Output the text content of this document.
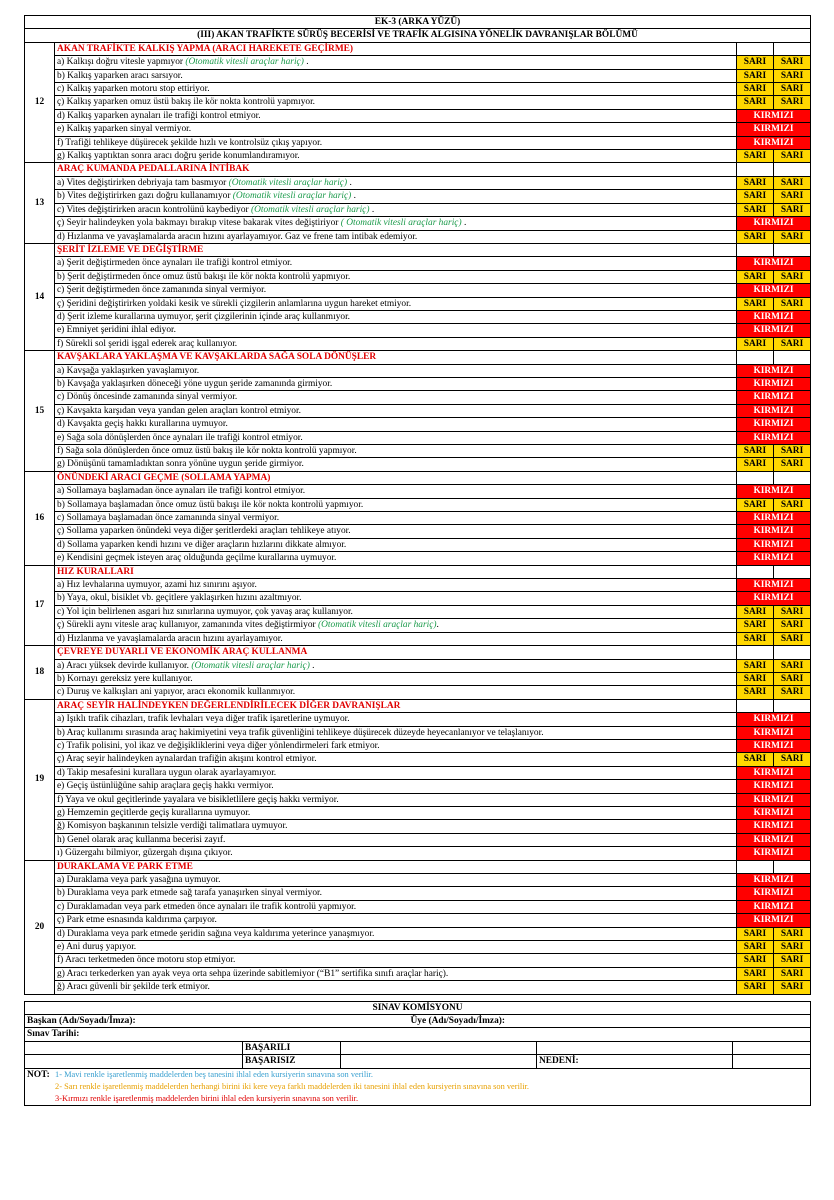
EK-3 (ARKA YÜZÜ)			
(III) AKAN TRAFİKTE SÜRÜŞ BECERİSİ VE TRAFİK ALGISINA YÖNELİK DAVRANIŞLAR BÖLÜMÜ			
12	AKAN TRAFİKTE KALKIŞ YAPMA (ARACI HAREKETE GEÇİRME)		
	a) Kalkışı doğru vitesle yapmıyor (Otomatik vitesli araçlar hariç) .	SARI	SARI
	b) Kalkış yaparken aracı sarsıyor.	SARI	SARI
	c) Kalkış yaparken motoru stop ettiriyor.	SARI	SARI
	ç) Kalkış yaparken omuz üstü bakış ile kör nokta kontrolü yapmıyor.	SARI	SARI
	d) Kalkış yaparken aynaları ile trafiği kontrol etmiyor.	KIRMIZI	
	e) Kalkış yaparken sinyal vermiyor.	KIRMIZI	
	f) Trafiği tehlikeye düşürecek şekilde hızlı ve kontrolsüz çıkış yapıyor.	KIRMIZI	
	g) Kalkış yaptıktan sonra aracı doğru şeride konumlandıramıyor.	SARI	SARI
13	ARAÇ KUMANDA PEDALLARINA İNTİBAK		
	a) Vites değiştirirken debriyaja tam basmıyor (Otomatik vitesli araçlar hariç) .	SARI	SARI
	b) Vites değiştirirken gazı doğru kullanamıyor (Otomatik vitesli araçlar hariç) .	SARI	SARI
	c) Vites değiştirirken aracın kontrolünü kaybediyor (Otomatik vitesli araçlar hariç) .	SARI	SARI
	ç) Seyir halindeyken yola bakmayı bırakıp vitese bakarak vites değiştiriyor ( Otomatik vitesli araçlar hariç) .	KIRMIZI	
	d) Hızlanma ve yavaşlamalarda aracın hızını ayarlayamıyor. Gaz ve frene tam intibak edemiyor.	SARI	SARI
14	ŞERİT İZLEME VE DEĞİŞTİRME		
	a) Şerit değiştirmeden önce aynaları ile trafiği kontrol etmiyor.	KIRMIZI	
	b) Şerit değiştirmeden önce omuz üstü bakışı ile kör nokta kontrolü yapmıyor.	SARI	SARI
	c) Şerit değiştirmeden önce zamanında sinyal vermiyor.	KIRMIZI	
	ç) Şeridini değiştirirken yoldaki kesik ve sürekli çizgilerin anlamlarına uygun hareket etmiyor.	SARI	SARI
	d) Şerit izleme kurallarına uymuyor, şerit çizgilerinin içinde araç kullanmıyor.	KIRMIZI	
	e) Emniyet şeridini ihlal ediyor.	KIRMIZI	
	f) Sürekli sol şeridi işgal ederek araç kullanıyor.	SARI	SARI
15	KAVŞAKLARA YAKLAŞMA VE KAVŞAKLARDA SAĞA SOLA DÖNÜŞLER		
	a) Kavşağa yaklaşırken yavaşlamıyor.	KIRMIZI	
	b) Kavşağa yaklaşırken döneceği yöne uygun şeride zamanında girmiyor.	KIRMIZI	
	c) Dönüş öncesinde zamanında sinyal vermiyor.	KIRMIZI	
	ç) Kavşakta karşıdan veya yandan gelen araçları kontrol etmiyor.	KIRMIZI	
	d) Kavşakta geçiş hakkı kurallarına uymuyor.	KIRMIZI	
	e) Sağa sola dönüşlerden önce aynaları ile trafiği kontrol etmiyor.	KIRMIZI	
	f) Sağa sola dönüşlerden önce omuz üstü bakış ile kör nokta kontrolü yapmıyor.	SARI	SARI
	g) Dönüşünü tamamladıktan sonra yönüne uygun şeride girmiyor.	SARI	SARI
16	ÖNÜNDEKİ ARACI GEÇME (SOLLAMA YAPMA)		
	a) Sollamaya başlamadan önce aynaları ile trafiği kontrol etmiyor.	KIRMIZI	
	b) Sollamaya başlamadan önce omuz üstü bakışı ile kör nokta kontrolü yapmıyor.	SARI	SARI
	c) Sollamaya başlamadan önce zamanında sinyal vermiyor.	KIRMIZI	
	ç) Sollama yaparken önündeki veya diğer şeritlerdeki araçları tehlikeye atıyor.	KIRMIZI	
	d) Sollama yaparken kendi hızını ve diğer araçların hızlarını dikkate almıyor.	KIRMIZI	
	e) Kendisini geçmek isteyen araç olduğunda geçilme kurallarına uymuyor.	KIRMIZI	
17	HIZ KURALLARI		
	a) Hız levhalarına uymuyor, azami hız sınırını aşıyor.	KIRMIZI	
	b) Yaya, okul, bisiklet vb. geçitlere yaklaşırken hızını azaltmıyor.	KIRMIZI	
	c) Yol için belirlenen asgari hız sınırlarına uymuyor, çok yavaş araç kullanıyor.	SARI	SARI
	ç) Sürekli aynı vitesle araç kullanıyor, zamanında vites değiştirmiyor (Otomatik vitesli araçlar hariç).	SARI	SARI
	d) Hızlanma ve yavaşlamalarda aracın hızını ayarlayamıyor.	SARI	SARI
18	ÇEVREYE DUYARLI VE EKONOMİK ARAÇ KULLANMA		
	a) Aracı yüksek devirde kullanıyor. (Otomatik vitesli araçlar hariç) .	SARI	SARI
	b) Kornayı gereksiz yere kullanıyor.	SARI	SARI
	c) Duruş ve kalkışları ani yapıyor, aracı ekonomik kullanmıyor.	SARI	SARI
19	ARAÇ SEYİR HALİNDEYKEN DEĞERLENDİRİLECEK DİĞER DAVRANIŞLAR		
	a) Işıklı trafik cihazları, trafik levhaları veya diğer trafik işaretlerine uymuyor.	KIRMIZI	
	b) Araç kullanımı sırasında araç hakimiyetini veya trafik güvenliğini tehlikeye düşürecek düzeyde heyecanlanıyor ve telaşlanıyor.	KIRMIZI	
	c) Trafik polisini, yol ikaz ve değişikliklerini veya diğer yönlendirmeleri fark etmiyor.	KIRMIZI	
	ç) Araç seyir halindeyken aynalardan trafiğin akışını kontrol etmiyor.	SARI	SARI
	d) Takip mesafesini kurallara uygun olarak ayarlayamıyor.	KIRMIZI	
	e) Geçiş üstünlüğüne sahip araçlara geçiş hakkı vermiyor.	KIRMIZI	
	f) Yaya ve okul geçitlerinde yayalara ve bisikletlilere geçiş hakkı vermiyor.	KIRMIZI	
	g) Hemzemin geçitlerde geçiş kurallarına uymuyor.	KIRMIZI	
	ğ) Komisyon başkanının telsizle verdiği talimatlara uymuyor.	KIRMIZI	
	h) Genel olarak araç kullanma becerisi zayıf.	KIRMIZI	
	ı) Güzergahı bilmiyor, güzergah dışına çıkıyor.	KIRMIZI	
20	DURAKLAMA VE PARK ETME		
	a) Duraklama veya park yasağına uymuyor.	KIRMIZI	
	b) Duraklama veya park etmede sağ tarafa yanaşırken sinyal vermiyor.	KIRMIZI	
	c) Duraklamadan veya park etmeden önce aynaları ile trafik kontrolü yapmıyor.	KIRMIZI	
	ç) Park etme esnasında kaldırıma çarpıyor.	KIRMIZI	
	d) Duraklama veya park etmede şeridin sağına veya kaldırıma yeterince yanaşmıyor.	SARI	SARI
	e) Ani duruş yapıyor.	SARI	SARI
	f) Aracı terketmeden önce motoru stop etmiyor.	SARI	SARI
	g) Aracı terkederken yan ayak veya orta sehpa üzerinde sabitlemiyor (“B1” sertifika sınıfı araçlar hariç).	SARI	SARI
	ğ) Aracı güvenli bir şekilde terk etmiyor.	SARI	SARI
SINAV KOMİSYONU				
Başkan (Adı/Soyadı/İmza):		Üye (Adı/Soyadı/İmza):		
Sınav Tarihi:				
	BAŞARILI			
	BAŞARISIZ		NEDENİ:	

NOT: 1- Mavi renkle işaretlenmiş maddelerden beş tanesini ihlal eden kursiyerin sınavına son verilir.
2- Sarı renkle işaretlenmiş maddelerden herhangi birini iki kere veya farklı maddelerden iki tanesini ihlal eden kursiyerin sınavına son verilir.
3-Kırmızı renkle işaretlenmiş maddelerden birini ihlal eden kursiyerin sınavına son verilir.				
